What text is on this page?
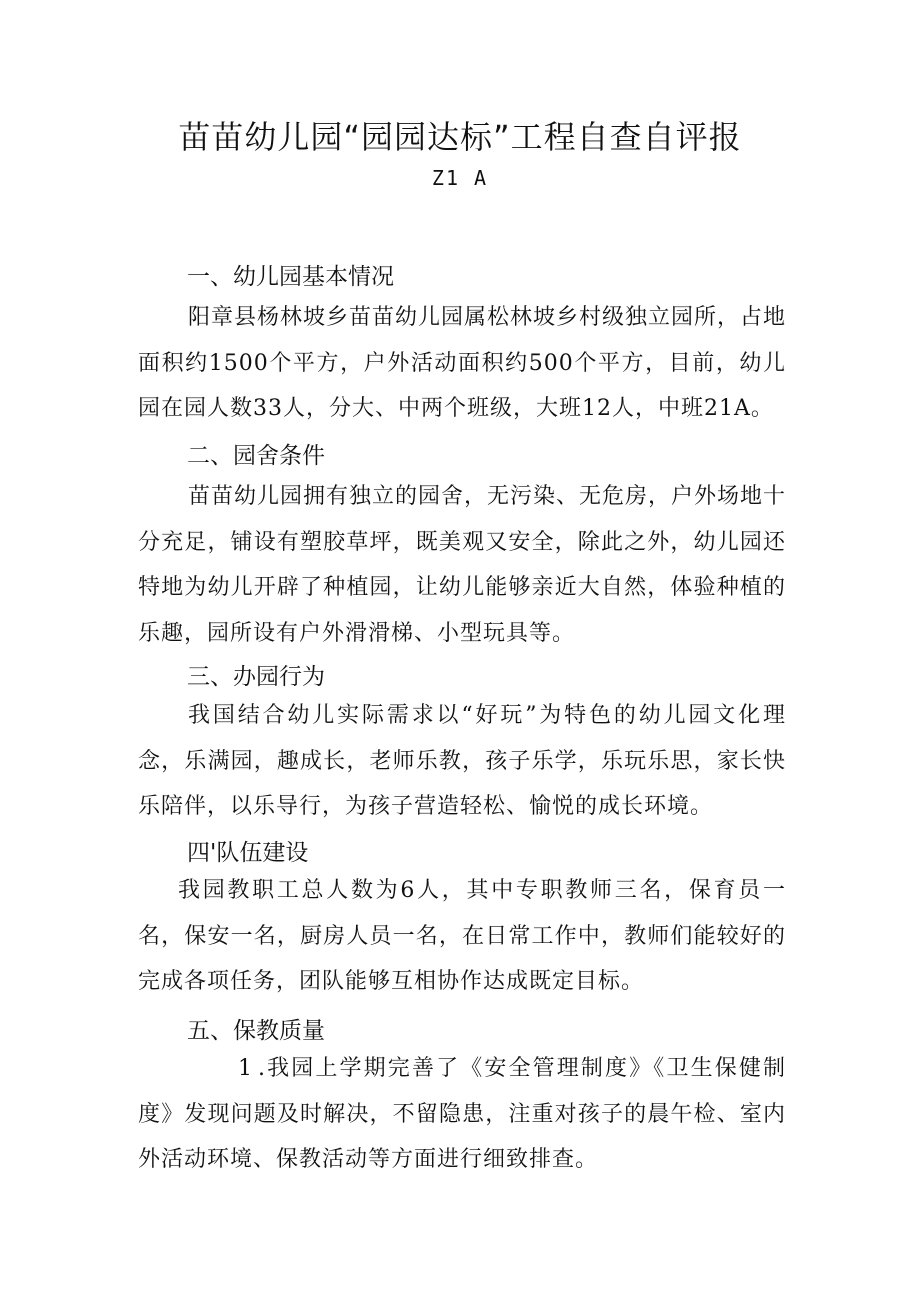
苗苗幼儿园“园园达标”工程自查自评报
Z1 A
一、幼儿园基本情况
阳章县杨林坡乡苗苗幼儿园属松林坡乡村级独立园所，占地面积约1500个平方，户外活动面积约500个平方，目前，幼儿园在园人数33人，分大、中两个班级，大班12人，中班21A。
二、园舍条件
苗苗幼儿园拥有独立的园舍，无污染、无危房，户外场地十分充足，铺设有塑胶草坪，既美观又安全，除此之外，幼儿园还特地为幼儿开辟了种植园，让幼儿能够亲近大自然，体验种植的乐趣，园所设有户外滑滑梯、小型玩具等。
三、办园行为
我国结合幼儿实际需求以“好玩”为特色的幼儿园文化理念，乐满园，趣成长，老师乐教，孩子乐学，乐玩乐思，家长快乐陪伴，以乐导行，为孩子营造轻松、愉悦的成长环境。
四'队伍建设
我园教职工总人数为6人，其中专职教师三名，保育员一名，保安一名，厨房人员一名，在日常工作中，教师们能较好的完成各项任务，团队能够互相协作达成既定目标。
五、保教质量
1 .我园上学期完善了《安全管理制度》《卫生保健制度》发现问题及时解决，不留隐患，注重对孩子的晨午检、室内外活动环境、保教活动等方面进行细致排查。
